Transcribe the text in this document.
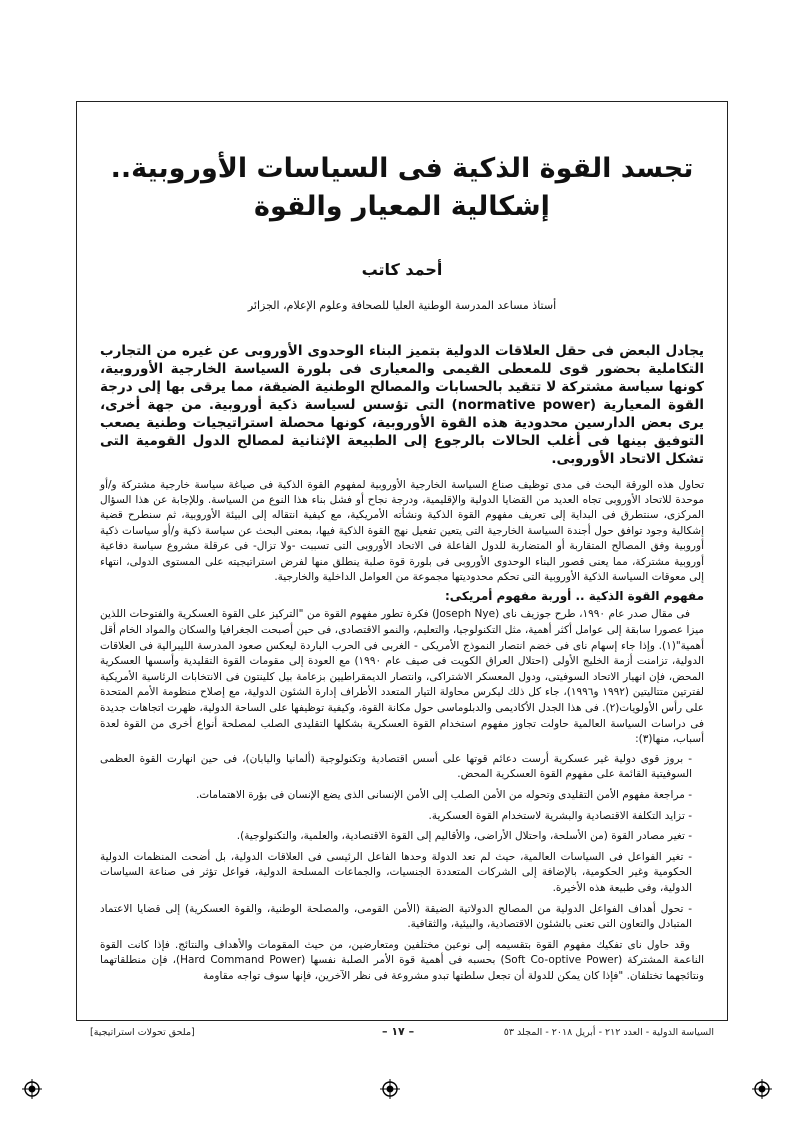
تجسد القوة الذكية فى السياسات الأوروبية.. إشكالية المعيار والقوة
أحمد كاتب
أستاذ مساعد المدرسة الوطنية العليا للصحافة وعلوم الإعلام، الجزائر

يجادل البعض فى حقل العلاقات الدولية بتميز البناء الوحدوى الأوروبى عن غيره من التجارب التكاملية بحضور قوى للمعطى القيمى والمعيارى فى بلورة السياسة الخارجية الأوروبية، كونها سياسة مشتركة لا تتقيد بالحسابات والمصالح الوطنية الضيقة، مما يرقى بها إلى درجة القوة المعيارية (normative power) التى تؤسس لسياسة ذكية أوروبية. من جهة أخرى، يرى بعض الدارسين محدودية هذه القوة الأوروبية، كونها محصلة استراتيجيات وطنية يصعب التوفيق بينها فى أغلب الحالات بالرجوع إلى الطبيعة الإثنانية لمصالح الدول القومية التى تشكل الاتحاد الأوروبى.

تحاول هذه الورقة البحث فى مدى توظيف صناع السياسة الخارجية الأوروبية لمفهوم القوة الذكية فى صياغة سياسة خارجية مشتركة و/أو موحدة للاتحاد الأوروبى تجاه العديد من القضايا الدولية والإقليمية، ودرجة نجاح أو فشل بناء هذا النوع من السياسة. وللإجابة عن هذا السؤال المركزى، سنتطرق فى البداية إلى تعريف مفهوم القوة الذكية ونشأته الأمريكية، مع كيفية انتقاله إلى البيئة الأوروبية، ثم سنطرح قضية إشكالية وجود توافق حول أجندة السياسة الخارجية التى يتعين تفعيل نهج القوة الذكية فيها، بمعنى البحث عن سياسة ذكية و/أو سياسات ذكية أوروبية وفق المصالح المتقاربة أو المتضاربة للدول الفاعلة فى الاتحاد الأوروبى التى تسببت -ولا تزال- فى عرقلة مشروع سياسة دفاعية أوروبية مشتركة، مما يعنى قصور البناء الوحدوى الأوروبى فى بلورة قوة صلبة ينطلق منها لفرض استراتيجيته على المستوى الدولى، انتهاء إلى معوقات السياسة الذكية الأوروبية التى تحكم محدوديتها مجموعة من العوامل الداخلية والخارجية.

مفهوم القوة الذكية .. أوربة مفهوم أمريكى:

فى مقال صدر عام ١٩٩٠، طرح جوزيف ناى (Joseph Nye) فكرة تطور مفهوم القوة من "التركيز على القوة العسكرية والفتوحات اللذين ميزا عصورا سابقة إلى عوامل أكثر أهمية، مثل التكنولوجيا، والتعليم، والنمو الاقتصادى، فى حين أصبحت الجغرافيا والسكان والمواد الخام أقل أهمية"(١). وإذا جاء إسهام ناى فى خضم انتصار النموذج الأمريكى - الغربى فى الحرب الباردة ليعكس صعود المدرسة الليبرالية فى العلاقات الدولية، تزامنت أزمة الخليج الأولى (احتلال العراق الكويت فى صيف عام ١٩٩٠) مع العودة إلى مقومات القوة التقليدية وأسسها العسكرية المحض، فإن انهيار الاتحاد السوفيتى، ودول المعسكر الاشتراكى، وانتصار الديمقراطيين بزعامة بيل كلينتون فى الانتخابات الرئاسية الأمريكية لفترتين متتاليتين (١٩٩٢ و١٩٩٦)، جاء كل ذلك ليكرس محاولة التيار المتعدد الأطراف إدارة الشئون الدولية، مع إصلاح منظومة الأمم المتحدة على رأس الأولويات(٢). فى هذا الجدل الأكاديمى والدبلوماسى حول مكانة القوة، وكيفية توظيفها على الساحة الدولية، ظهرت اتجاهات جديدة فى دراسات السياسة العالمية حاولت تجاوز مفهوم استخدام القوة العسكرية بشكلها التقليدى الصلب لمصلحة أنواع أخرى من القوة لعدة أسباب، منها(٣):

- بروز قوى دولية غير عسكرية أرست دعائم قوتها على أسس اقتصادية وتكنولوجية (ألمانيا واليابان)، فى حين انهارت القوة العظمى السوفيتية القائمة على مفهوم القوة العسكرية المحض.
- مراجعة مفهوم الأمن التقليدى وتحوله من الأمن الصلب إلى الأمن الإنسانى الذى يضع الإنسان فى بؤرة الاهتمامات.
- تزايد التكلفة الاقتصادية والبشرية لاستخدام القوة العسكرية.
- تغير مصادر القوة (من الأسلحة، واحتلال الأراضى، والأقاليم إلى القوة الاقتصادية، والعلمية، والتكنولوجية).
- تغير الفواعل فى السياسات العالمية، حيث لم تعد الدولة وحدها الفاعل الرئيسى فى العلاقات الدولية، بل أضحت المنظمات الدولية الحكومية وغير الحكومية، بالإضافة إلى الشركات المتعددة الجنسيات، والجماعات المسلحة الدولية، فواعل تؤثر فى صناعة السياسات الدولية، وفى طبيعة هذه الأخيرة.
- تحول أهداف الفواعل الدولية من المصالح الدولاتية الضيقة (الأمن القومى، والمصلحة الوطنية، والقوة العسكرية) إلى قضايا الاعتماد المتبادل والتعاون التى تعنى بالشئون الاقتصادية، والبيئية، والثقافية.

وقد حاول ناى تفكيك مفهوم القوة بتقسيمه إلى نوعين مختلفين ومتعارضين، من حيث المقومات والأهداف والنتائج. فإذا كانت القوة الناعمة المشتركة (Soft Co-optive Power) بحسبه فى أهمية قوة الأمر الصلبة نفسها (Hard Command Power)، فإن منطلقاتهما ونتائجهما تختلفان. "فإذا كان يمكن للدولة أن تجعل سلطتها تبدو مشروعة فى نظر الآخرين، فإنها سوف تواجه مقاومة

[ملحق تحولات استراتيجية]	– ١٧ –	السياسة الدولية - العدد ٢١٢ - أبريل ٢٠١٨ - المجلد ٥٣
